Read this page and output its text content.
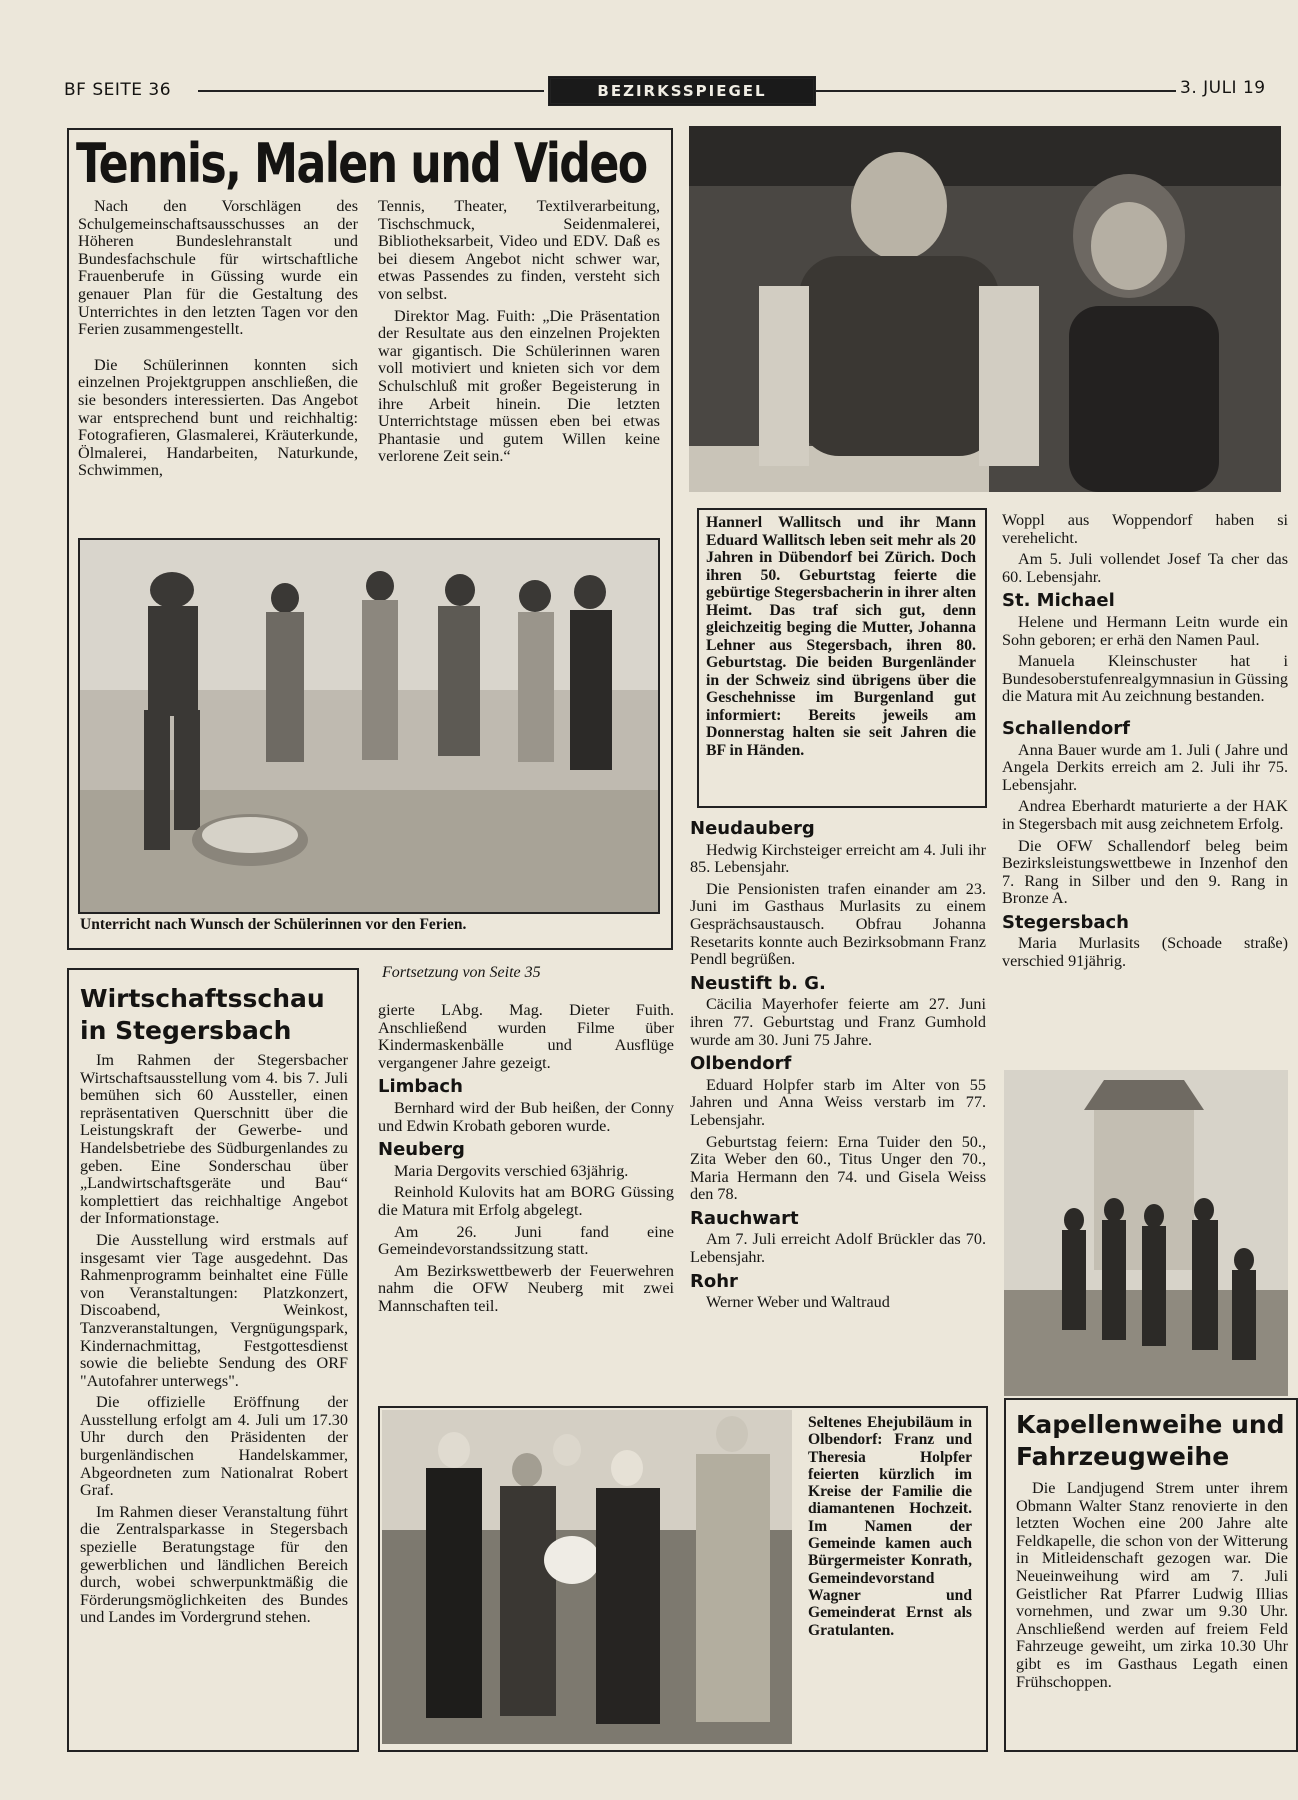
BF SEITE 36	BEZIRKSSPIEGEL	3. JULI 19
Tennis, Malen und Video

Nach den Vorschlägen des Schulgemeinschaftsausschusses an der Höheren Bundeslehranstalt und Bundesfachschule für wirtschaftliche Frauenberufe in Güssing wurde ein genauer Plan für die Gestaltung des Unterrichtes in den letzten Tagen vor den Ferien zusammengestellt.

Die Schülerinnen konnten sich einzelnen Projektgruppen anschließen, die sie besonders interessierten. Das Angebot war entsprechend bunt und reichhaltig: Fotografieren, Glasmalerei, Kräuterkunde, Ölmalerei, Handarbeiten, Naturkunde, Schwimmen,

Tennis, Theater, Textilverarbeitung, Tischschmuck, Seidenmalerei, Bibliotheksarbeit, Video und EDV. Daß es bei diesem Angebot nicht schwer war, etwas Passendes zu finden, versteht sich von selbst.

Direktor Mag. Fuith: „Die Präsentation der Resultate aus den einzelnen Projekten war gigantisch. Die Schülerinnen waren voll motiviert und knieten sich vor dem Schulschluß mit großer Begeisterung in ihre Arbeit hinein. Die letzten Unterrichtstage müssen eben bei etwas Phantasie und gutem Willen keine verlorene Zeit sein.“

Unterricht nach Wunsch der Schülerinnen vor den Ferien.
Hannerl Wallitsch und ihr Mann Eduard Wallitsch leben seit mehr als 20 Jahren in Dübendorf bei Zürich. Doch ihren 50. Geburtstag feierte die gebürtige Stegersbacherin in ihrer alten Heimt. Das traf sich gut, denn gleichzeitig beging die Mutter, Johanna Lehner aus Stegersbach, ihren 80. Geburtstag. Die beiden Burgenländer in der Schweiz sind übrigens über die Geschehnisse im Burgenland gut informiert: Bereits jeweils am Donnerstag halten sie seit Jahren die BF in Händen.

Woppl aus Woppendorf haben si verehelicht.

Am 5. Juli vollendet Josef Ta cher das 60. Lebensjahr.

St. Michael

Helene und Hermann Leitn wurde ein Sohn geboren; er erhä den Namen Paul.

Manuela Kleinschuster hat i Bundesoberstufenrealgymnasiun in Güssing die Matura mit Au zeichnung bestanden.

Schallendorf

Anna Bauer wurde am 1. Juli ( Jahre und Angela Derkits erreich am 2. Juli ihr 75. Lebensjahr.

Andrea Eberhardt maturierte a der HAK in Stegersbach mit ausg zeichnetem Erfolg.

Die OFW Schallendorf beleg beim Bezirksleistungswettbewe in Inzenhof den 7. Rang in Silber und den 9. Rang in Bronze A.

Stegersbach

Maria Murlasits (Schoade straße) verschied 91jährig.

Neudauberg

Hedwig Kirchsteiger erreicht am 4. Juli ihr 85. Lebensjahr.

Die Pensionisten trafen einander am 23. Juni im Gasthaus Murlasits zu einem Gesprächsaustausch. Obfrau Johanna Resetarits konnte auch Bezirksobmann Franz Pendl begrüßen.

Neustift b. G.

Cäcilia Mayerhofer feierte am 27. Juni ihren 77. Geburtstag und Franz Gumhold wurde am 30. Juni 75 Jahre.

Olbendorf

Eduard Holpfer starb im Alter von 55 Jahren und Anna Weiss verstarb im 77. Lebensjahr.

Geburtstag feiern: Erna Tuider den 50., Zita Weber den 60., Titus Unger den 70., Maria Hermann den 74. und Gisela Weiss den 78.

Rauchwart

Am 7. Juli erreicht Adolf Brückler das 70. Lebensjahr.

Rohr

Werner Weber und Waltraud

Wirtschaftsschau
in Stegersbach

Im Rahmen der Stegersbacher Wirtschaftsausstellung vom 4. bis 7. Juli bemühen sich 60 Aussteller, einen repräsentativen Querschnitt über die Leistungskraft der Gewerbe- und Handelsbetriebe des Südburgenlandes zu geben. Eine Sonderschau über „Landwirtschaftsgeräte und Bau“ komplettiert das reichhaltige Angebot der Informationstage.

Die Ausstellung wird erstmals auf insgesamt vier Tage ausgedehnt. Das Rahmenprogramm beinhaltet eine Fülle von Veranstaltungen: Platzkonzert, Discoabend, Weinkost, Tanzveranstaltungen, Vergnügungspark, Kindernachmittag, Festgottesdienst sowie die beliebte Sendung des ORF "Autofahrer unterwegs".

Die offizielle Eröffnung der Ausstellung erfolgt am 4. Juli um 17.30 Uhr durch den Präsidenten der burgenländischen Handelskammer, Abgeordneten zum Nationalrat Robert Graf.

Im Rahmen dieser Veranstaltung führt die Zentralsparkasse in Stegersbach spezielle Beratungstage für den gewerblichen und ländlichen Bereich durch, wobei schwerpunktmäßig die Förderungsmöglichkeiten des Bundes und Landes im Vordergrund stehen.

Fortsetzung von Seite 35

gierte LAbg. Mag. Dieter Fuith. Anschließend wurden Filme über Kindermaskenbälle und Ausflüge vergangener Jahre gezeigt.

Limbach

Bernhard wird der Bub heißen, der Conny und Edwin Krobath geboren wurde.

Neuberg

Maria Dergovits verschied 63jährig.

Reinhold Kulovits hat am BORG Güssing die Matura mit Erfolg abgelegt.

Am 26. Juni fand eine Gemeindevorstandssitzung statt.

Am Bezirkswettbewerb der Feuerwehren nahm die OFW Neuberg mit zwei Mannschaften teil.

Seltenes Ehejubiläum in Olbendorf: Franz und Theresia Holpfer feierten kürzlich im Kreise der Familie die diamantenen Hochzeit. Im Namen der Gemeinde kamen auch Bürgermeister Konrath, Gemeindevorstand Wagner und Gemeinderat Ernst als Gratulanten.
Kapellenweihe und
Fahrzeugweihe
Die Landjugend Strem unter ihrem Obmann Walter Stanz renovierte in den letzten Wochen eine 200 Jahre alte Feldkapelle, die schon von der Witterung in Mitleidenschaft gezogen war. Die Neueinweihung wird am 7. Juli Geistlicher Rat Pfarrer Ludwig Illias vornehmen, und zwar um 9.30 Uhr. Anschließend werden auf freiem Feld Fahrzeuge geweiht, um zirka 10.30 Uhr gibt es im Gasthaus Legath einen Frühschoppen.
